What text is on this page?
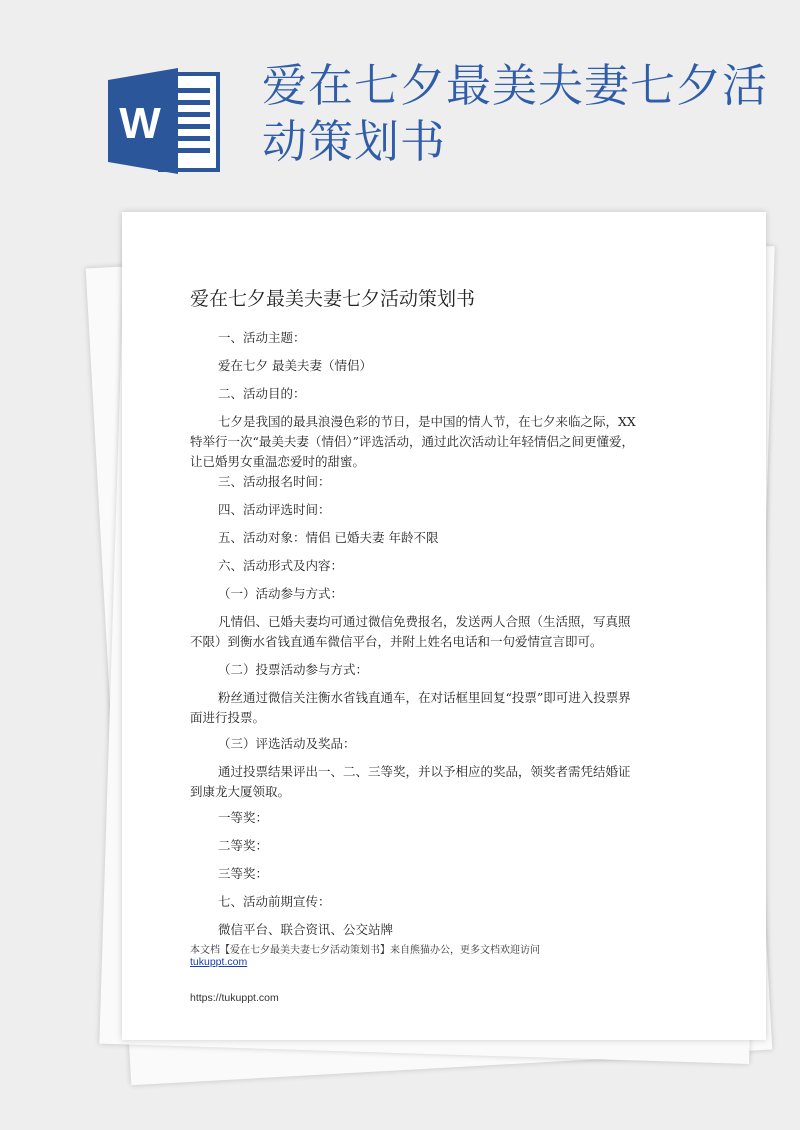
W
爱在七夕最美夫妻七夕活动策划书
爱在七夕最美夫妻七夕活动策划书

一、活动主题：

爱在七夕 最美夫妻（情侣）

二、活动目的：

七夕是我国的最具浪漫色彩的节日，是中国的情人节，在七夕来临之际，XX特举行一次“最美夫妻（情侣）”评选活动，通过此次活动让年轻情侣之间更懂爱，让已婚男女重温恋爱时的甜蜜。

三、活动报名时间：

四、活动评选时间：

五、活动对象：情侣 已婚夫妻 年龄不限

六、活动形式及内容：

（一）活动参与方式：

凡情侣、已婚夫妻均可通过微信免费报名，发送两人合照（生活照，写真照不限）到衡水省钱直通车微信平台，并附上姓名电话和一句爱情宣言即可。

（二）投票活动参与方式：

粉丝通过微信关注衡水省钱直通车，在对话框里回复“投票”即可进入投票界面进行投票。

（三）评选活动及奖品：

通过投票结果评出一、二、三等奖，并以予相应的奖品，领奖者需凭结婚证到康龙大厦领取。

一等奖：

二等奖：

三等奖：

七、活动前期宣传：

微信平台、联合资讯、公交站牌

本文档【爱在七夕最美夫妻七夕活动策划书】来自熊猫办公，更多文档欢迎访问
tukuppt.com
https://tukuppt.com
